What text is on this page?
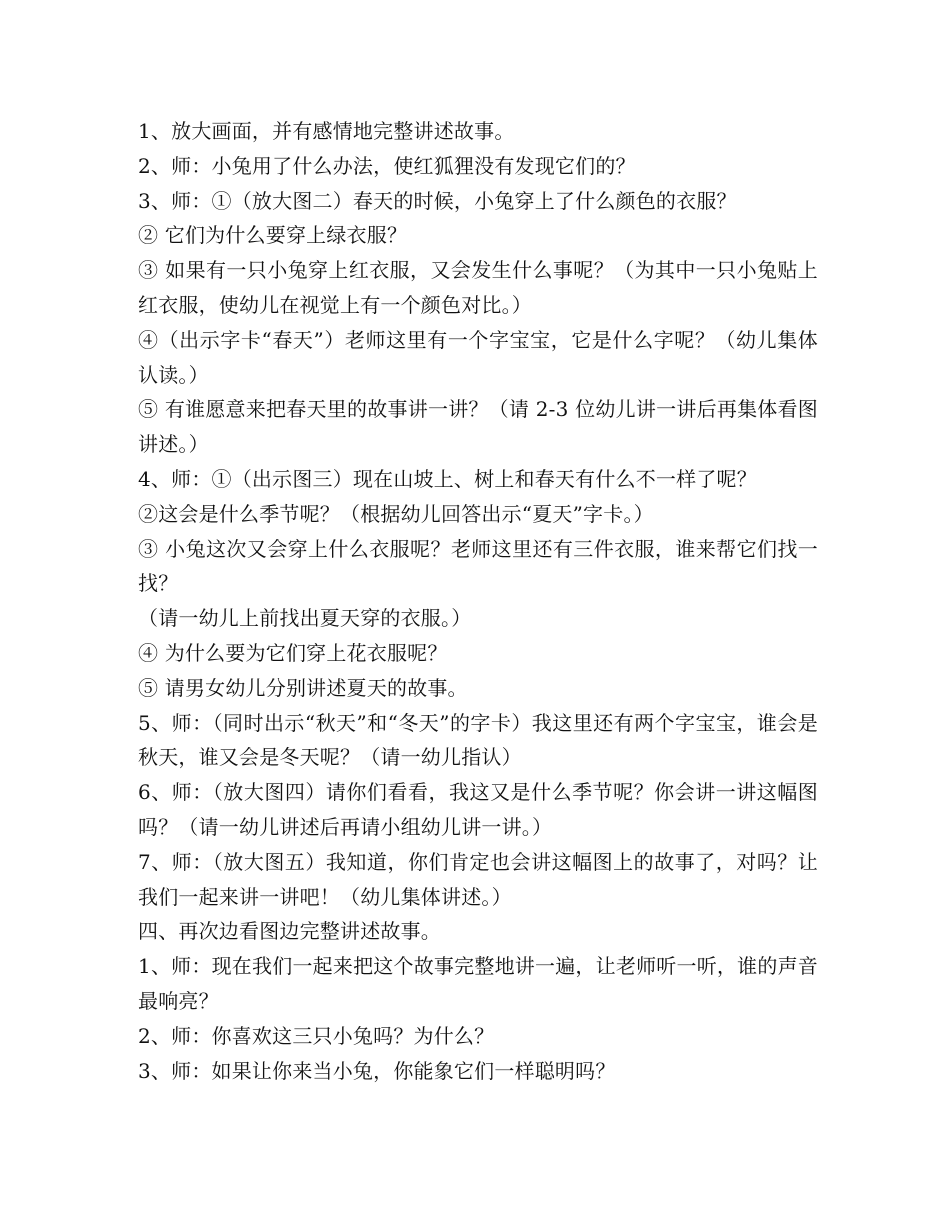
1、放大画面，并有感情地完整讲述故事。

2、师：小兔用了什么办法，使红狐狸没有发现它们的？

3、师：①（放大图二）春天的时候，小兔穿上了什么颜色的衣服？

② 它们为什么要穿上绿衣服？

③ 如果有一只小兔穿上红衣服，又会发生什么事呢？（为其中一只小兔贴上红衣服，使幼儿在视觉上有一个颜色对比。）

④（出示字卡“春天”）老师这里有一个字宝宝，它是什么字呢？（幼儿集体认读。）

⑤ 有谁愿意来把春天里的故事讲一讲？（请 2-3 位幼儿讲一讲后再集体看图讲述。）

4、师：①（出示图三）现在山坡上、树上和春天有什么不一样了呢？

②这会是什么季节呢？（根据幼儿回答出示“夏天”字卡。）

③ 小兔这次又会穿上什么衣服呢？老师这里还有三件衣服，谁来帮它们找一找？

（请一幼儿上前找出夏天穿的衣服。）

④ 为什么要为它们穿上花衣服呢？

⑤ 请男女幼儿分别讲述夏天的故事。

5、师：（同时出示“秋天”和“冬天”的字卡）我这里还有两个字宝宝，谁会是秋天，谁又会是冬天呢？（请一幼儿指认）

6、师：（放大图四）请你们看看，我这又是什么季节呢？你会讲一讲这幅图吗？（请一幼儿讲述后再请小组幼儿讲一讲。）

7、师：（放大图五）我知道，你们肯定也会讲这幅图上的故事了，对吗？让我们一起来讲一讲吧！（幼儿集体讲述。）

四、再次边看图边完整讲述故事。

1、师：现在我们一起来把这个故事完整地讲一遍，让老师听一听，谁的声音最响亮？

2、师：你喜欢这三只小兔吗？为什么？

3、师：如果让你来当小兔，你能象它们一样聪明吗？
